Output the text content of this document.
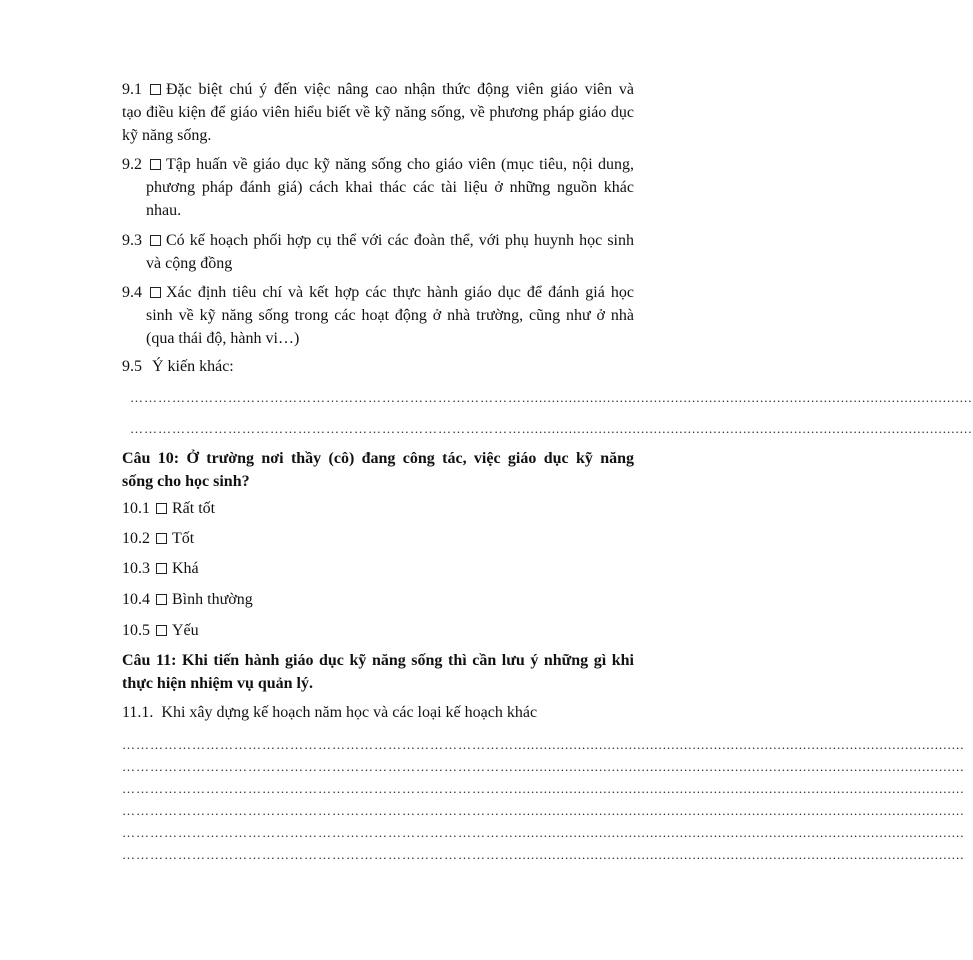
9.1 Đặc biệt chú ý đến việc nâng cao nhận thức động viên giáo viên và
tạo điều kiện để giáo viên hiểu biết về kỹ năng sống, về phương pháp giáo dục kỹ năng sống.
9.2 Tập huấn về giáo dục kỹ năng sống cho giáo viên (mục tiêu, nội dung,
phương pháp đánh giá) cách khai thác các tài liệu ở những nguồn khác nhau.
9.3 Có kế hoạch phối hợp cụ thể với các đoàn thể, với phụ huynh học sinh
và cộng đồng
9.4 Xác định tiêu chí và kết hợp các thực hành giáo dục để đánh giá học
sinh về kỹ năng sống trong các hoạt động ở nhà trường, cũng như ở nhà (qua thái độ, hành vi…)
9.5 Ý kiến khác:
…………………………………………………………………………..........................................................................................................
…………………………………………………………………………..........................................................................................................
Câu 10: Ở trường nơi thầy (cô) đang công tác, việc giáo dục kỹ năng
sống cho học sinh?
10.1 Rất tốt
10.2 Tốt
10.3 Khá
10.4 Bình thường
10.5 Yếu
Câu 11: Khi tiến hành giáo dục kỹ năng sống thì cần lưu ý những gì khi
thực hiện nhiệm vụ quản lý.
11.1. Khi xây dựng kế hoạch năm học và các loại kế hoạch khác
…………………………………………………………………………..........................................................................................................
…………………………………………………………………………..........................................................................................................
…………………………………………………………………………..........................................................................................................
…………………………………………………………………………..........................................................................................................
…………………………………………………………………………..........................................................................................................
…………………………………………………………………………..........................................................................................................
